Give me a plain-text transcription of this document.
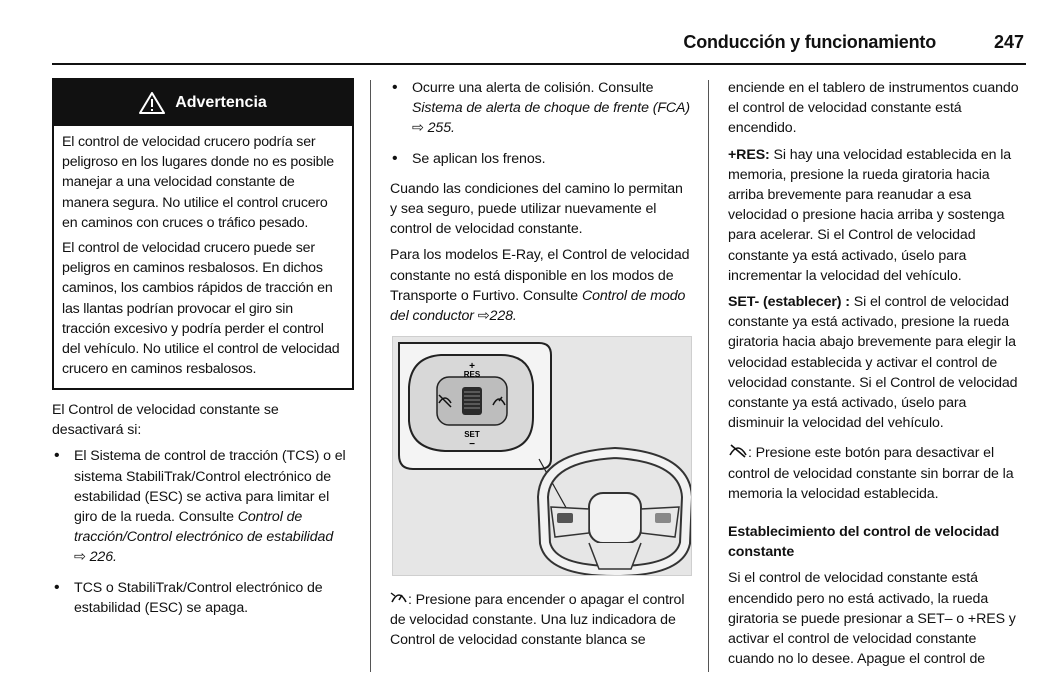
Conducción y funcionamiento	247
Advertencia

El control de velocidad crucero podría ser peligroso en los lugares donde no es posible manejar a una velocidad constante de manera segura. No utilice el control crucero en caminos con cruces o tráfico pesado.

El control de velocidad crucero puede ser peligros en caminos resbalosos. En dichos caminos, los cambios rápidos de tracción en las llantas podrían provocar el giro sin tracción excesivo y podría perder el control del vehículo. No utilice el control de velocidad crucero en caminos resbalosos.

El Control de velocidad constante se desactivará si:

• El Sistema de control de tracción (TCS) o el sistema StabiliTrak/Control electrónico de estabilidad (ESC) se activa para limitar el giro de la rueda. Consulte Control de tracción/Control electrónico de estabilidad
⇨ 226.
• TCS o StabiliTrak/Control electrónico de estabilidad (ESC) se apaga.
• Ocurre una alerta de colisión. Consulte Sistema de alerta de choque de frente (FCA)
⇨ 255.
• Se aplican los frenos.

Cuando las condiciones del camino lo permitan y sea seguro, puede utilizar nuevamente el control de velocidad constante.

Para los modelos E-Ray, el Control de velocidad constante no está disponible en los modos de Transporte o Furtivo. Consulte Control de modo del conductor ⇨228.

+
RES
SET
−

: Presione para encender o apagar el control de velocidad constante. Una luz indicadora de Control de velocidad constante blanca se

enciende en el tablero de instrumentos cuando el control de velocidad constante está encendido.

+RES: Si hay una velocidad establecida en la memoria, presione la rueda giratoria hacia arriba brevemente para reanudar a esa velocidad o presione hacia arriba y sostenga para acelerar. Si el Control de velocidad constante ya está activado, úselo para incrementar la velocidad del vehículo.

SET- (establecer) : Si el control de velocidad constante ya está activado, presione la rueda giratoria hacia abajo brevemente para elegir la velocidad establecida y activar el control de velocidad constante. Si el Control de velocidad constante ya está activado, úselo para disminuir la velocidad del vehículo.

: Presione este botón para desactivar el control de velocidad constante sin borrar de la memoria la velocidad establecida.

Establecimiento del control de velocidad constante

Si el control de velocidad constante está encendido pero no está activado, la rueda giratoria se puede presionar a SET– o +RES y activar el control de velocidad constante cuando no lo desee. Apague el control de
